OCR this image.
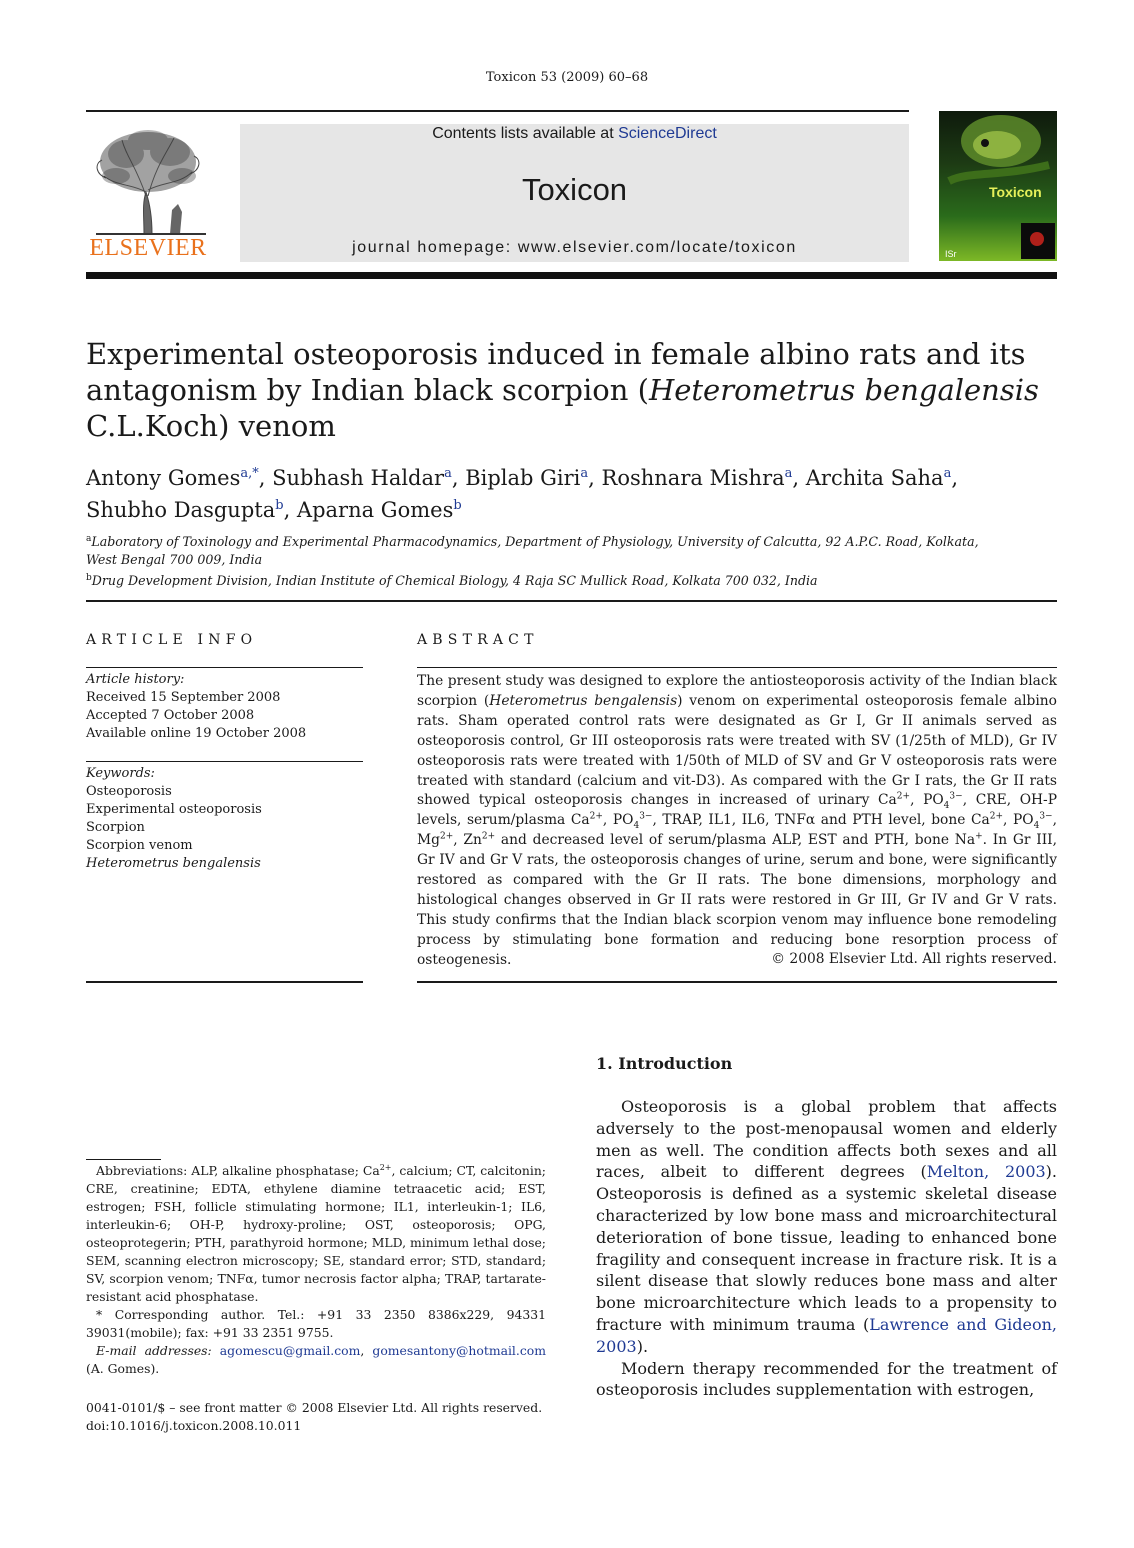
Toxicon 53 (2009) 60–68
ELSEVIER
Contents lists available at ScienceDirect
Toxicon
journal homepage: www.elsevier.com/locate/toxicon	ISr
Toxicon
Experimental osteoporosis induced in female albino rats and its
antagonism by Indian black scorpion (Heterometrus bengalensis
C.L.Koch) venom
Antony Gomes$^{a,*}$, Subhash Haldar$^a$, Biplab Giri$^a$, Roshnara Mishra$^a$, Archita Saha$^a$,
Shubho Dasgupta$^b$, Aparna Gomes$^b$
$^a$Laboratory of Toxinology and Experimental Pharmacodynamics, Department of Physiology, University of Calcutta, 92 A.P.C. Road, Kolkata,
West Bengal 700 009, India
$^b$Drug Development Division, Indian Institute of Chemical Biology, 4 Raja SC Mullick Road, Kolkata 700 032, India
ARTICLE INFO	ABSTRACT
Article history:
Received 15 September 2008
Accepted 7 October 2008
Available online 19 October 2008
Keywords:
Osteoporosis
Experimental osteoporosis
Scorpion
Scorpion venom
Heterometrus bengalensis
The present study was designed to explore the antiosteoporosis activity of the Indian black scorpion (Heterometrus bengalensis) venom on experimental osteoporosis female albino rats. Sham operated control rats were designated as Gr I, Gr II animals served as osteoporosis control, Gr III osteoporosis rats were treated with SV (1/25th of MLD), Gr IV osteoporosis rats were treated with 1/50th of MLD of SV and Gr V osteoporosis rats were treated with standard (calcium and vit-D3). As compared with the Gr I rats, the Gr II rats showed typical osteoporosis changes in increased of urinary $Ca^{2+}$, $PO_4^{3-}$, CRE, OH-P levels, serum/plasma $Ca^{2+}$, $PO_4^{3-}$, TRAP, IL1, IL6, TNFα and PTH level, bone $Ca^{2+}$, $PO_4^{3-}$, $Mg^{2+}$, $Zn^{2+}$ and decreased level of serum/plasma ALP, EST and PTH, bone Na+. In Gr III, Gr IV and Gr V rats, the osteoporosis changes of urine, serum and bone, were significantly restored as compared with the Gr II rats. The bone dimensions, morphology and histological changes observed in Gr II rats were restored in Gr III, Gr IV and Gr V rats. This study confirms that the Indian black scorpion venom may influence bone remodeling process by stimulating bone formation and reducing bone resorption process of osteogenesis.	© 2008 Elsevier Ltd. All rights reserved.
1. Introduction

Osteoporosis is a global problem that affects adversely to the post-menopausal women and elderly men as well. The condition affects both sexes and all races, albeit to different degrees (Melton, 2003). Osteoporosis is defined as a systemic skeletal disease characterized by low bone mass and microarchitectural deterioration of bone tissue, leading to enhanced bone fragility and consequent increase in fracture risk. It is a silent disease that slowly reduces bone mass and alter bone microarchitecture which leads to a propensity to fracture with minimum trauma (Lawrence and Gideon, 2003).

Modern therapy recommended for the treatment of osteoporosis includes supplementation with estrogen,

Abbreviations: ALP, alkaline phosphatase; $Ca^{2+}$, calcium; CT, calcitonin; CRE, creatinine; EDTA, ethylene diamine tetraacetic acid; EST, estrogen; FSH, follicle stimulating hormone; IL1, interleukin-1; IL6, interleukin-6; OH-P, hydroxy-proline; OST, osteoporosis; OPG, osteoprotegerin; PTH, parathyroid hormone; MLD, minimum lethal dose; SEM, scanning electron microscopy; SE, standard error; STD, standard; SV, scorpion venom; TNFα, tumor necrosis factor alpha; TRAP, tartarate-resistant acid phosphatase.

* Corresponding author. Tel.: +91 33 2350 8386x229, 94331 39031(mobile); fax: +91 33 2351 9755.

E-mail addresses: agomescu@gmail.com, gomesantony@hotmail.com (A. Gomes).

0041-0101/$ – see front matter © 2008 Elsevier Ltd. All rights reserved.
doi:10.1016/j.toxicon.2008.10.011
